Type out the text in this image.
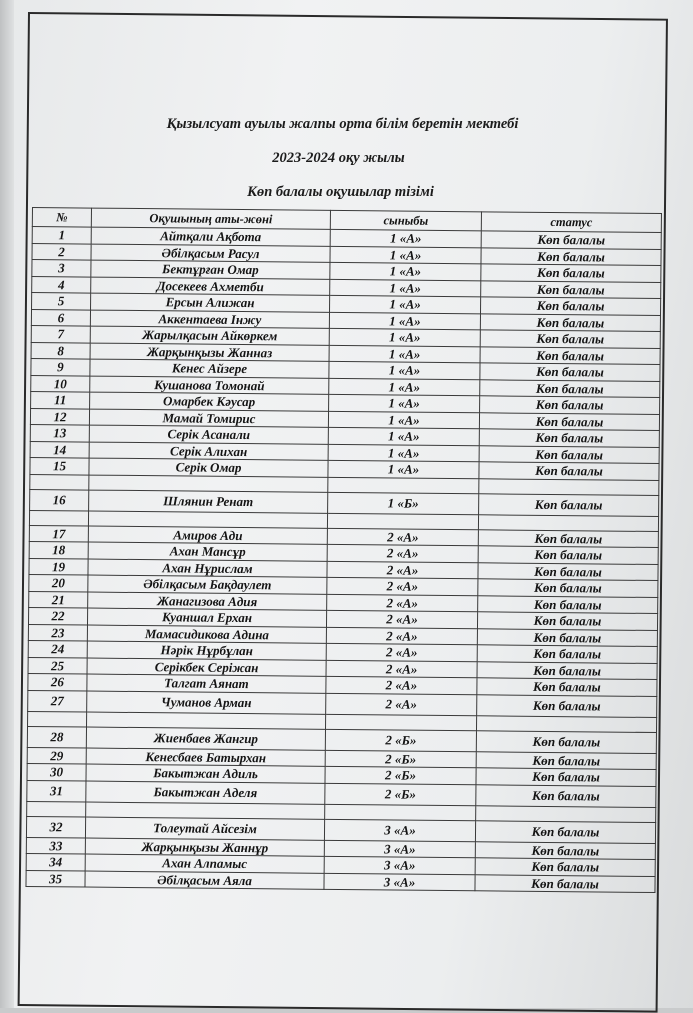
Қызылсуат ауылы жалпы орта білім беретін мектебі
2023-2024 оқу жылы
Көп балалы оқушылар тізімі
№	Оқушының аты-жөні	сыныбы	статус
1	Айтқали Ақбота	1 «А»	Көп балалы
2	Әбілқасым Расул	1 «А»	Көп балалы
3	Бектұрған Омар	1 «А»	Көп балалы
4	Досекеев Ахметби	1 «А»	Көп балалы
5	Ерсын Алижан	1 «А»	Көп балалы
6	Аккентаева Інжу	1 «А»	Көп балалы
7	Жарылқасын Айкөркем	1 «А»	Көп балалы
8	Жарқынқызы Жанназ	1 «А»	Көп балалы
9	Кенес Айзере	1 «А»	Көп балалы
10	Кушанова Томонай	1 «А»	Көп балалы
11	Омарбек Кәусар	1 «А»	Көп балалы
12	Мамай Томирис	1 «А»	Көп балалы
13	Серік Асанали	1 «А»	Көп балалы
14	Серік Алихан	1 «А»	Көп балалы
15	Серік Омар	1 «А»	Көп балалы

16	Шлянин Ренат	1 «Б»	Көп балалы

17	Амиров Ади	2 «А»	Көп балалы
18	Ахан Мансұр	2 «А»	Көп балалы
19	Ахан Нұрислам	2 «А»	Көп балалы
20	Әбілқасым Бақдаулет	2 «А»	Көп балалы
21	Жанагизова Адия	2 «А»	Көп балалы
22	Куаншал Ерхан	2 «А»	Көп балалы
23	Мамасидикова Адина	2 «А»	Көп балалы
24	Нәрік Нұрбұлан	2 «А»	Көп балалы
25	Серікбек Серіжан	2 «А»	Көп балалы
26	Талгат Аянат	2 «А»	Көп балалы
27	Чуманов Арман	2 «А»	Көп балалы

28	Жиенбаев Жангир	2 «Б»	Көп балалы
29	Кенесбаев Батырхан	2 «Б»	Көп балалы
30	Бакытжан Адиль	2 «Б»	Көп балалы
31	Бакытжан Аделя	2 «Б»	Көп балалы

32	Толеутай Айсезім	3 «А»	Көп балалы
33	Жарқынқызы Жаннұр	3 «А»	Көп балалы
34	Ахан Алпамыс	3 «А»	Көп балалы
35	Әбілқасым Аяла	3 «А»	Көп балалы
